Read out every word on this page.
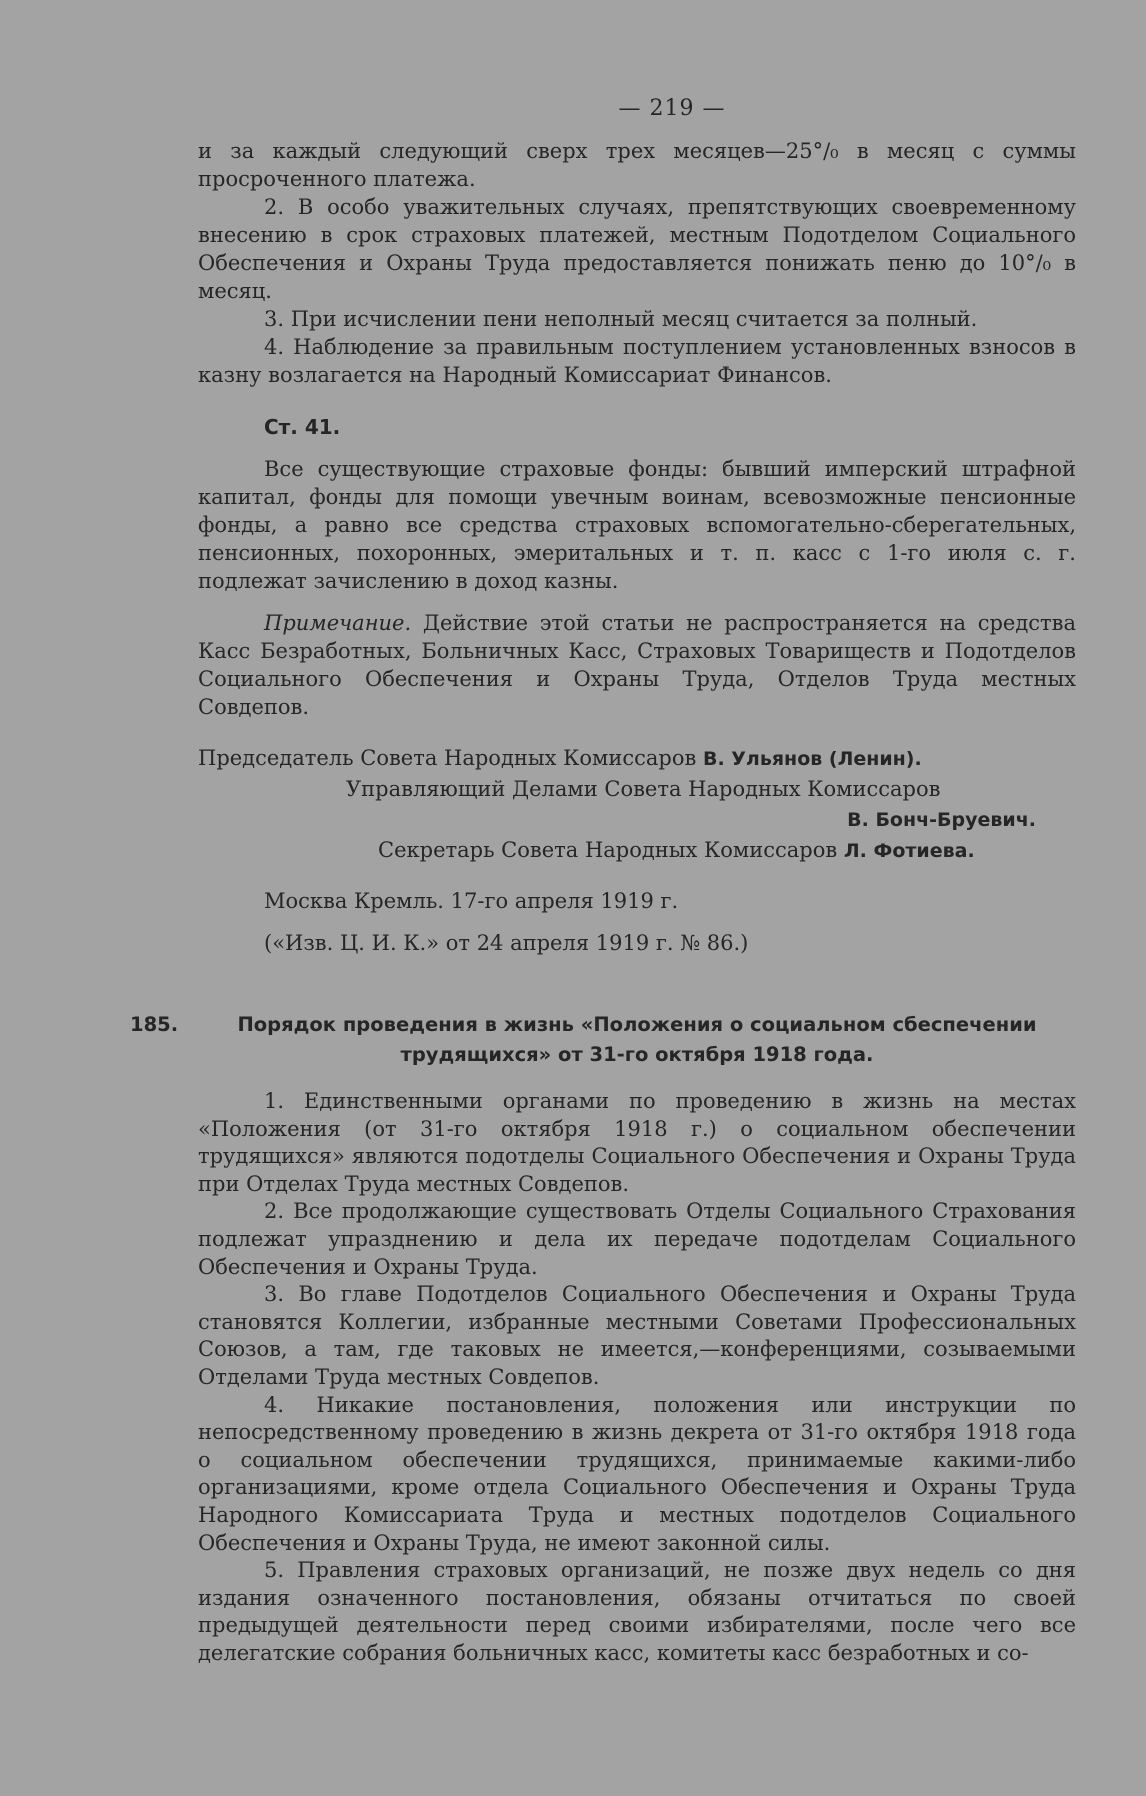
— 219 —

и за каждый следующий сверх трех месяцев—25°/₀ в месяц с суммы просроченного платежа.

2. В особо уважительных случаях, препятствующих своевременному внесению в срок страховых платежей, местным Подотделом Социального Обеспечения и Охраны Труда предоставляется понижать пеню до 10°/₀ в месяц.

3. При исчислении пени неполный месяц считается за полный.

4. Наблюдение за правильным поступлением установленных взносов в казну возлагается на Народный Комиссариат Финансов.

Ст. 41.

Все существующие страховые фонды: бывший имперский штрафной капитал, фонды для помощи увечным воинам, всевозможные пенсионные фонды, а равно все средства страховых вспомогательно-сберегательных, пенсионных, похоронных, эмеритальных и т. п. касс с 1-го июля с. г. подлежат зачислению в доход казны.

Примечание. Действие этой статьи не распространяется на средства Касс Безработных, Больничных Касс, Страховых Товариществ и Подотделов Социального Обеспечения и Охраны Труда, Отделов Труда местных Совдепов.

Председатель Совета Народных Комиссаров В. Ульянов (Ленин).
Управляющий Делами Совета Народных Комиссаров
В. Бонч-Бруевич.
Секретарь Совета Народных Комиссаров Л. Фотиева.
Москва Кремль. 17-го апреля 1919 г.
(«Изв. Ц. И. К.» от 24 апреля 1919 г. № 86.)
185.	Порядок проведения в жизнь «Положения о социальном сбеспечении
трудящихся» от 31-го октября 1918 года.

1. Единственными органами по проведению в жизнь на местах «Положения (от 31-го октября 1918 г.) о социальном обеспечении трудящихся» являются подотделы Социального Обеспечения и Охраны Труда при Отделах Труда местных Совдепов.

2. Все продолжающие существовать Отделы Социального Страхования подлежат упразднению и дела их передаче подотделам Социального Обеспечения и Охраны Труда.

3. Во главе Подотделов Социального Обеспечения и Охраны Труда становятся Коллегии, избранные местными Советами Профессиональных Союзов, а там, где таковых не имеется,—конференциями, созываемыми Отделами Труда местных Совдепов.

4. Никакие постановления, положения или инструкции по непосредственному проведению в жизнь декрета от 31-го октября 1918 года о социальном обеспечении трудящихся, принимаемые какими-либо организациями, кроме отдела Социального Обеспечения и Охраны Труда Народного Комиссариата Труда и местных подотделов Социального Обеспечения и Охраны Труда, не имеют законной силы.

5. Правления страховых организаций, не позже двух недель со дня издания означенного постановления, обязаны отчитаться по своей предыдущей деятельности перед своими избирателями, после чего все делегатские собрания больничных касс, комитеты касс безработных и со-
